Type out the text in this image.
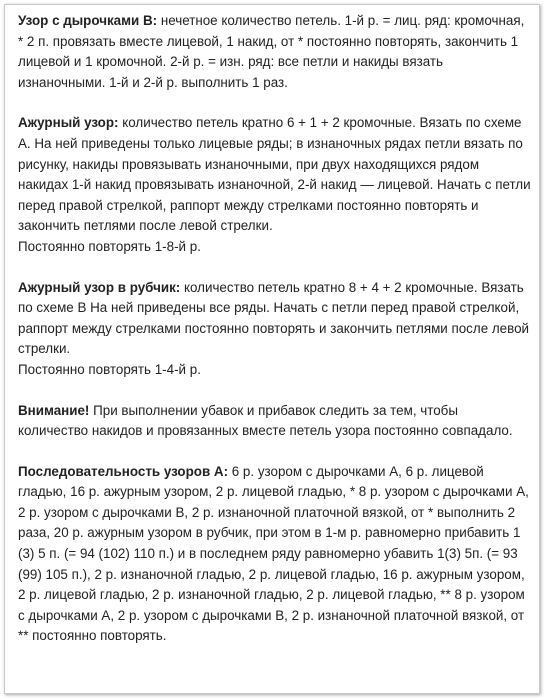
Узор с дырочками В: нечетное количество петель. 1-й р. = лиц. ряд: кромочная, * 2 п. провязать вместе лицевой, 1 накид, от * постоянно повторять, закончить 1 лицевой и 1 кромочной. 2-й р. = изн. ряд: все петли и накиды вязать изнаночными. 1-й и 2-й р. выполнить 1 раз.

Ажурный узор: количество петель кратно 6 + 1 + 2 кромочные. Вязать по схеме А. На ней приведены только лицевые ряды; в изнаночных рядах петли вязать по рисунку, накиды провязывать изнаночными, при двух находящихся рядом накидах 1-й накид провязывать изнаночной, 2-й накид — лицевой. Начать с петли перед правой стрелкой, раппорт между стрелками постоянно повторять и закончить петлями после левой стрелки.

Постоянно повторять 1-8-й р.

Ажурный узор в рубчик: количество петель кратно 8 + 4 + 2 кромочные. Вязать по схеме В На ней приведены все ряды. Начать с петли перед правой стрелкой, раппорт между стрелками постоянно повторять и закончить петлями после левой стрелки.

Постоянно повторять 1-4-й р.

Внимание! При выполнении убавок и прибавок следить за тем, чтобы количество накидов и провязанных вместе петель узора постоянно совпадало.

Последовательность узоров А: 6 р. узором с дырочками А, 6 р. лицевой гладью, 16 р. ажурным узором, 2 р. лицевой гладью, * 8 р. узором с дырочками А, 2 р. узором с дырочками В, 2 р. изнаночной платочной вязкой, от * выполнить 2 раза, 20 р. ажурным узором в рубчик, при этом в 1-м р. равномерно прибавить 1 (3) 5 п. (= 94 (102) 110 п.) и в последнем ряду равномерно убавить 1(3) 5п. (= 93 (99) 105 п.), 2 р. изнаночной гладью, 2 р. лицевой гладью, 16 р. ажурным узором, 2 р. лицевой гладью, 2 р. изнаночной гладью, 2 р. лицевой гладью, ** 8 р. узором с дырочками А, 2 р. узором с дырочками В, 2 р. изнаночной платочной вязкой, от ** постоянно повторять.
